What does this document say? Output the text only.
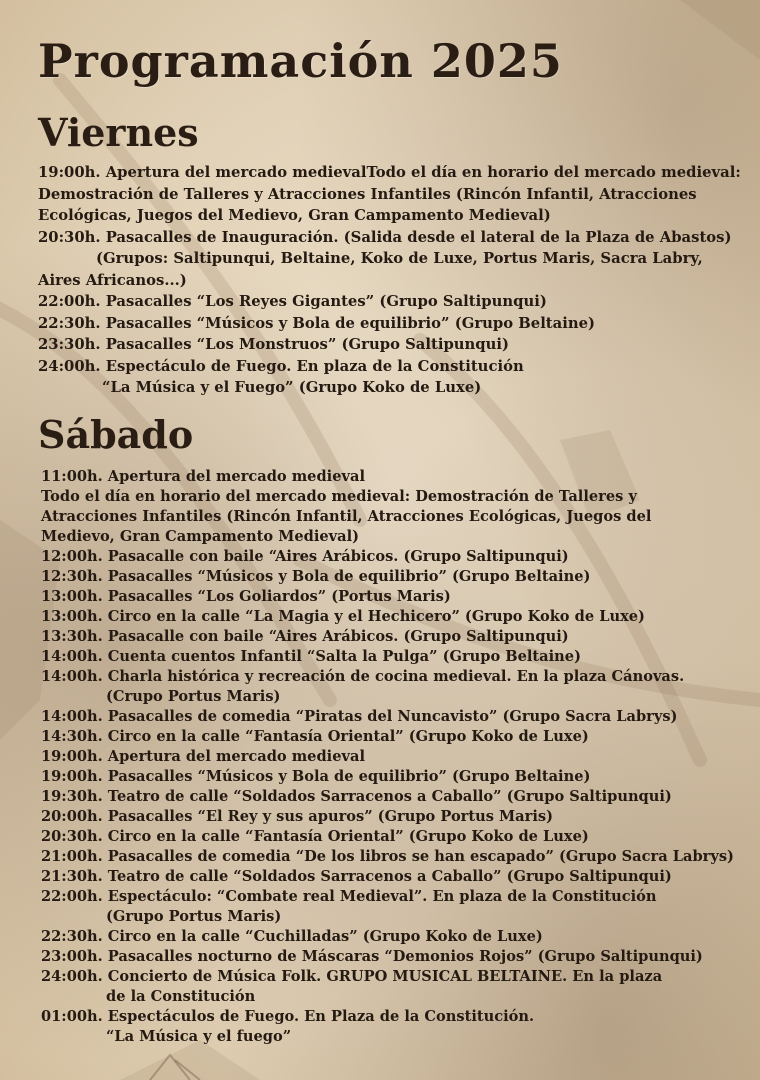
Programación 2025
Viernes
19:00h. Apertura del mercado medievalTodo el día en horario del mercado medieval:
Demostración de Talleres y Atracciones Infantiles (Rincón Infantil, Atracciones
Ecológicas, Juegos del Medievo, Gran Campamento Medieval)
20:30h. Pasacalles de Inauguración. (Salida desde el lateral de la Plaza de Abastos)
(Grupos: Saltipunqui, Beltaine, Koko de Luxe, Portus Maris, Sacra Labry,
Aires Africanos...)
22:00h. Pasacalles “Los Reyes Gigantes” (Grupo Saltipunqui)
22:30h. Pasacalles “Músicos y Bola de equilibrio” (Grupo Beltaine)
23:30h. Pasacalles “Los Monstruos” (Grupo Saltipunqui)
24:00h. Espectáculo de Fuego. En plaza de la Constitución
“La Música y el Fuego” (Grupo Koko de Luxe)
Sábado
11:00h. Apertura del mercado medieval
Todo el día en horario del mercado medieval: Demostración de Talleres y
Atracciones Infantiles (Rincón Infantil, Atracciones Ecológicas, Juegos del
Medievo, Gran Campamento Medieval)
12:00h. Pasacalle con baile “Aires Arábicos. (Grupo Saltipunqui)
12:30h. Pasacalles “Músicos y Bola de equilibrio” (Grupo Beltaine)
13:00h. Pasacalles “Los Goliardos” (Portus Maris)
13:00h. Circo en la calle “La Magia y el Hechicero” (Grupo Koko de Luxe)
13:30h. Pasacalle con baile “Aires Arábicos. (Grupo Saltipunqui)
14:00h. Cuenta cuentos Infantil “Salta la Pulga” (Grupo Beltaine)
14:00h. Charla histórica y recreación de cocina medieval. En la plaza Cánovas.
(Crupo Portus Maris)
14:00h. Pasacalles de comedia “Piratas del Nuncavisto” (Grupo Sacra Labrys)
14:30h. Circo en la calle “Fantasía Oriental” (Grupo Koko de Luxe)
19:00h. Apertura del mercado medieval
19:00h. Pasacalles “Músicos y Bola de equilibrio” (Grupo Beltaine)
19:30h. Teatro de calle “Soldados Sarracenos a Caballo” (Grupo Saltipunqui)
20:00h. Pasacalles “El Rey y sus apuros” (Grupo Portus Maris)
20:30h. Circo en la calle “Fantasía Oriental” (Grupo Koko de Luxe)
21:00h. Pasacalles de comedia “De los libros se han escapado” (Grupo Sacra Labrys)
21:30h. Teatro de calle “Soldados Sarracenos a Caballo” (Grupo Saltipunqui)
22:00h. Espectáculo: “Combate real Medieval”. En plaza de la Constitución
(Grupo Portus Maris)
22:30h. Circo en la calle “Cuchilladas” (Grupo Koko de Luxe)
23:00h. Pasacalles nocturno de Máscaras “Demonios Rojos” (Grupo Saltipunqui)
24:00h. Concierto de Música Folk. GRUPO MUSICAL BELTAINE. En la plaza
de la Constitución
01:00h. Espectáculos de Fuego. En Plaza de la Constitución.
“La Música y el fuego”
